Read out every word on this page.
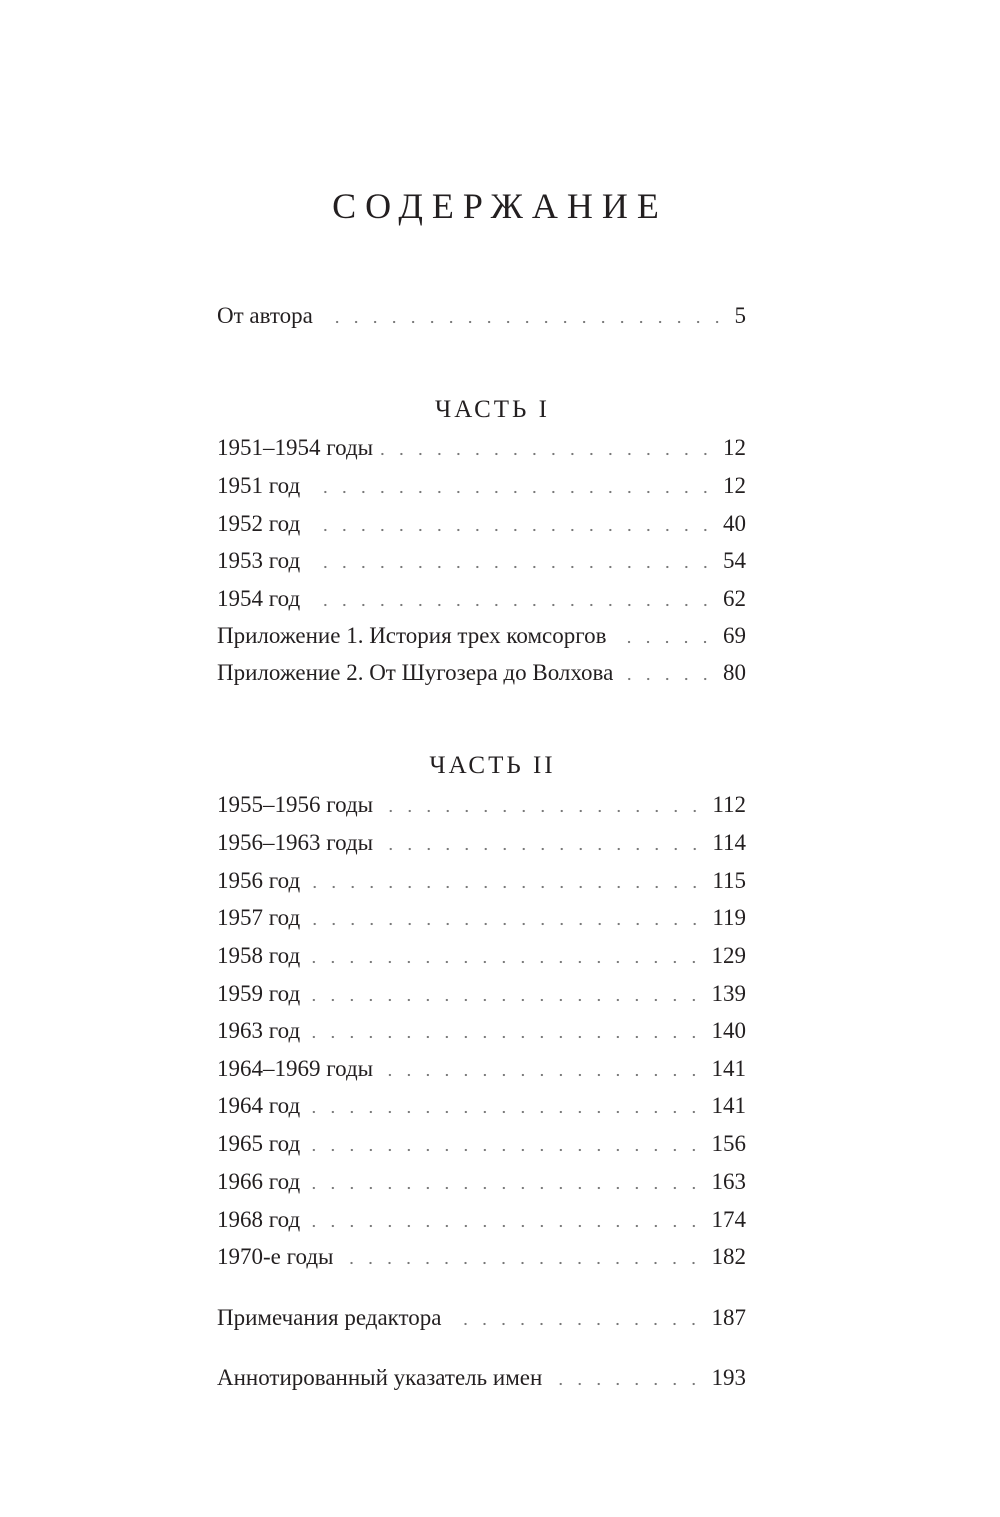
СОДЕРЖАНИЕ
От автора	5
ЧАСТЬ I
1951–1954 годы	12
1951 год	12
1952 год	40
1953 год	54
1954 год	62
Приложение 1. История трех комсоргов	69
Приложение 2. От Шугозера до Волхова	80
ЧАСТЬ II
1955–1956 годы	112
1956–1963 годы	114
1956 год	115
1957 год	119
1958 год	129
1959 год	139
1963 год	140
1964–1969 годы	141
1964 год	141
1965 год	156
1966 год	163
1968 год	174
1970-е годы	182
Примечания редактора	187
Аннотированный указатель имен	193
